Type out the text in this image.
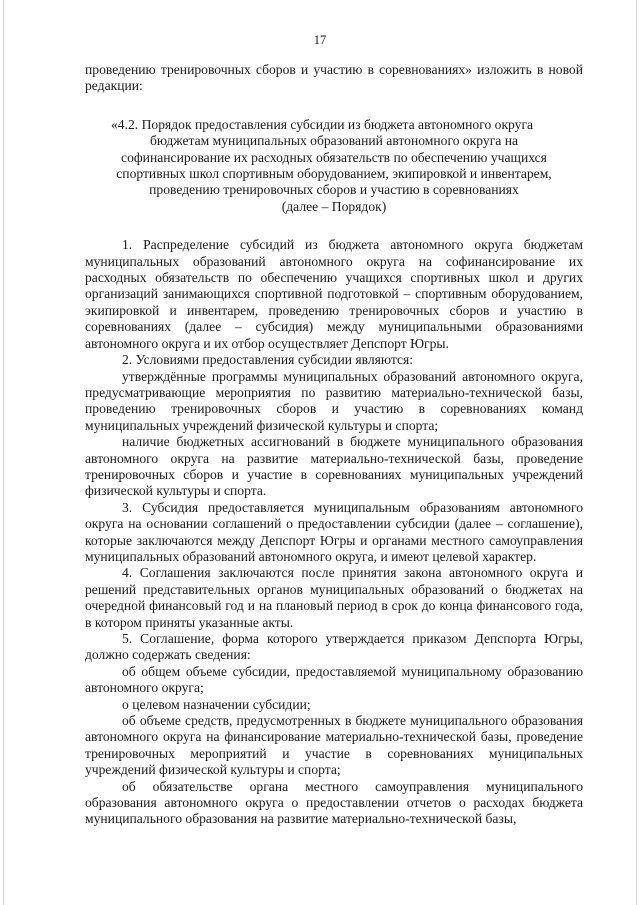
17

проведению тренировочных сборов и участию в соревнованиях» изложить в новой редакции:

«4.2. Порядок предоставления субсидии из бюджета автономного округа
бюджетам муниципальных образований автономного округа на
софинансирование их расходных обязательств по обеспечению учащихся
спортивных школ спортивным оборудованием, экипировкой и инвентарем,
проведению тренировочных сборов и участию в соревнованиях
(далее – Порядок)

1. Распределение субсидий из бюджета автономного округа бюджетам муниципальных образований автономного округа на софинансирование их расходных обязательств по обеспечению учащихся спортивных школ и других организаций занимающихся спортивной подготовкой – спортивным оборудованием, экипировкой и инвентарем, проведению тренировочных сборов и участию в соревнованиях (далее – субсидия) между муниципальными образованиями автономного округа и их отбор осуществляет Депспорт Югры.

2. Условиями предоставления субсидии являются:

утверждённые программы муниципальных образований автономного округа, предусматривающие мероприятия по развитию материально-технической базы, проведению тренировочных сборов и участию в соревнованиях команд муниципальных учреждений физической культуры и спорта;

наличие бюджетных ассигнований в бюджете муниципального образования автономного округа на развитие материально-технической базы, проведение тренировочных сборов и участие в соревнованиях муниципальных учреждений физической культуры и спорта.

3. Субсидия предоставляется муниципальным образованиям автономного округа на основании соглашений о предоставлении субсидии (далее – соглашение), которые заключаются между Депспорт Югры и органами местного самоуправления муниципальных образований автономного округа, и имеют целевой характер.

4. Соглашения заключаются после принятия закона автономного округа и решений представительных органов муниципальных образований о бюджетах на очередной финансовый год и на плановый период в срок до конца финансового года, в котором приняты указанные акты.

5. Соглашение, форма которого утверждается приказом Депспорта Югры, должно содержать сведения:

об общем объеме субсидии, предоставляемой муниципальному образованию автономного округа;

о целевом назначении субсидии;

об объеме средств, предусмотренных в бюджете муниципального образования автономного округа на финансирование материально-технической базы, проведение тренировочных мероприятий и участие в соревнованиях муниципальных учреждений физической культуры и спорта;

об обязательстве органа местного самоуправления муниципального образования автономного округа о предоставлении отчетов о расходах бюджета муниципального образования на развитие материально-технической базы,
